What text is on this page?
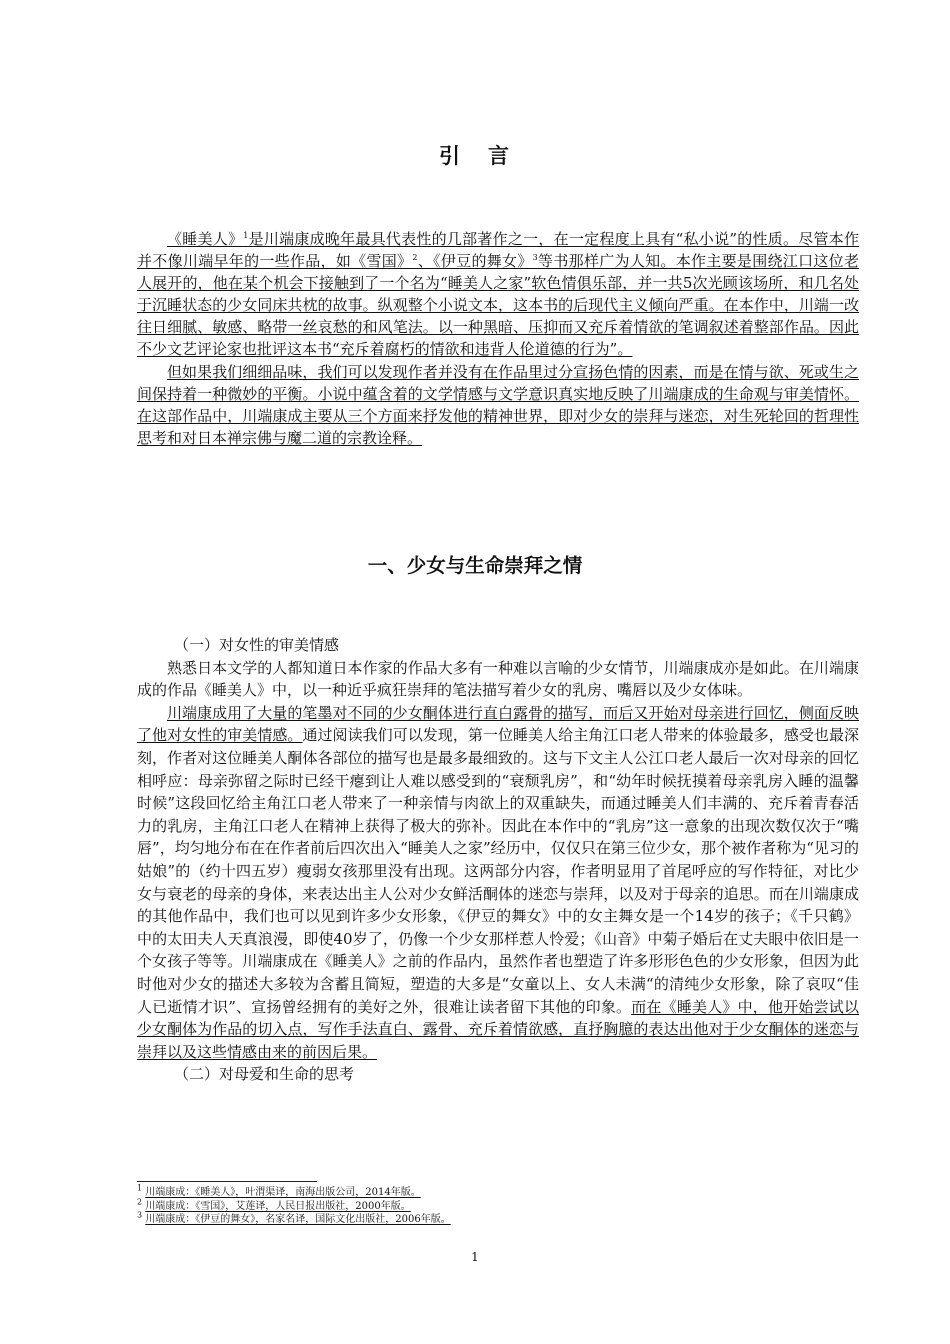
引 言

《睡美人》$^1$是川端康成晚年最具代表性的几部著作之一，在一定程度上具有“私小说”的性质。尽管本作并不像川端早年的一些作品，如《雪国》$^2$、《伊豆的舞女》$^3$等书那样广为人知。本作主要是围绕江口这位老人展开的，他在某个机会下接触到了一个名为“睡美人之家”软色情俱乐部，并一共5次光顾该场所，和几名处于沉睡状态的少女同床共枕的故事。纵观整个小说文本，这本书的后现代主义倾向严重。在本作中，川端一改往日细腻、敏感、略带一丝哀愁的和风笔法。以一种黑暗、压抑而又充斥着情欲的笔调叙述着整部作品。因此不少文艺评论家也批评这本书“充斥着腐朽的情欲和违背人伦道德的行为”。

但如果我们细细品味，我们可以发现作者并没有在作品里过分宣扬色情的因素，而是在情与欲、死或生之间保持着一种微妙的平衡。小说中蕴含着的文学情感与文学意识真实地反映了川端康成的生命观与审美情怀。在这部作品中，川端康成主要从三个方面来抒发他的精神世界，即对少女的崇拜与迷恋，对生死轮回的哲理性思考和对日本禅宗佛与魔二道的宗教诠释。

一、少女与生命崇拜之情

（一）对女性的审美情感

熟悉日本文学的人都知道日本作家的作品大多有一种难以言喻的少女情节，川端康成亦是如此。在川端康成的作品《睡美人》中，以一种近乎疯狂崇拜的笔法描写着少女的乳房、嘴唇以及少女体味。

川端康成用了大量的笔墨对不同的少女酮体进行直白露骨的描写，而后又开始对母亲进行回忆，侧面反映了他对女性的审美情感。通过阅读我们可以发现，第一位睡美人给主角江口老人带来的体验最多，感受也最深刻，作者对这位睡美人酮体各部位的描写也是最多最细致的。这与下文主人公江口老人最后一次对母亲的回忆相呼应：母亲弥留之际时已经干瘪到让人难以感受到的“衰颓乳房”，和“幼年时候抚摸着母亲乳房入睡的温馨时候”这段回忆给主角江口老人带来了一种亲情与肉欲上的双重缺失，而通过睡美人们丰满的、充斥着青春活力的乳房，主角江口老人在精神上获得了极大的弥补。因此在本作中的“乳房”这一意象的出现次数仅次于“嘴唇”，均匀地分布在在作者前后四次出入“睡美人之家”经历中，仅仅只在第三位少女，那个被作者称为“见习的姑娘”的（约十四五岁）瘦弱女孩那里没有出现。这两部分内容，作者明显用了首尾呼应的写作特征，对比少女与衰老的母亲的身体，来表达出主人公对少女鲜活酮体的迷恋与崇拜，以及对于母亲的追思。而在川端康成的其他作品中，我们也可以见到许多少女形象，《伊豆的舞女》中的女主舞女是一个14岁的孩子；《千只鹤》中的太田夫人天真浪漫，即使40岁了，仍像一个少女那样惹人怜爱；《山音》中菊子婚后在丈夫眼中依旧是一个女孩子等等。川端康成在《睡美人》之前的作品内，虽然作者也塑造了许多形形色色的少女形象，但因为此时他对少女的描述大多较为含蓄且简短，塑造的大多是“女童以上、女人未满“的清纯少女形象，除了哀叹“佳人已逝情才识”、宣扬曾经拥有的美好之外，很难让读者留下其他的印象。而在《睡美人》中，他开始尝试以少女酮体为作品的切入点，写作手法直白、露骨、充斥着情欲感，直抒胸臆的表达出他对于少女酮体的迷恋与崇拜以及这些情感由来的前因后果。

（二）对母爱和生命的思考

$^1$ 川端康成：《睡美人》，叶渭渠译，南海出版公司，2014年版。
$^2$ 川端康成：《雪国》，艾莲译，人民日报出版社，2000年版。
$^3$ 川端康成：《伊豆的舞女》，名家名译，国际文化出版社，2006年版。
1
